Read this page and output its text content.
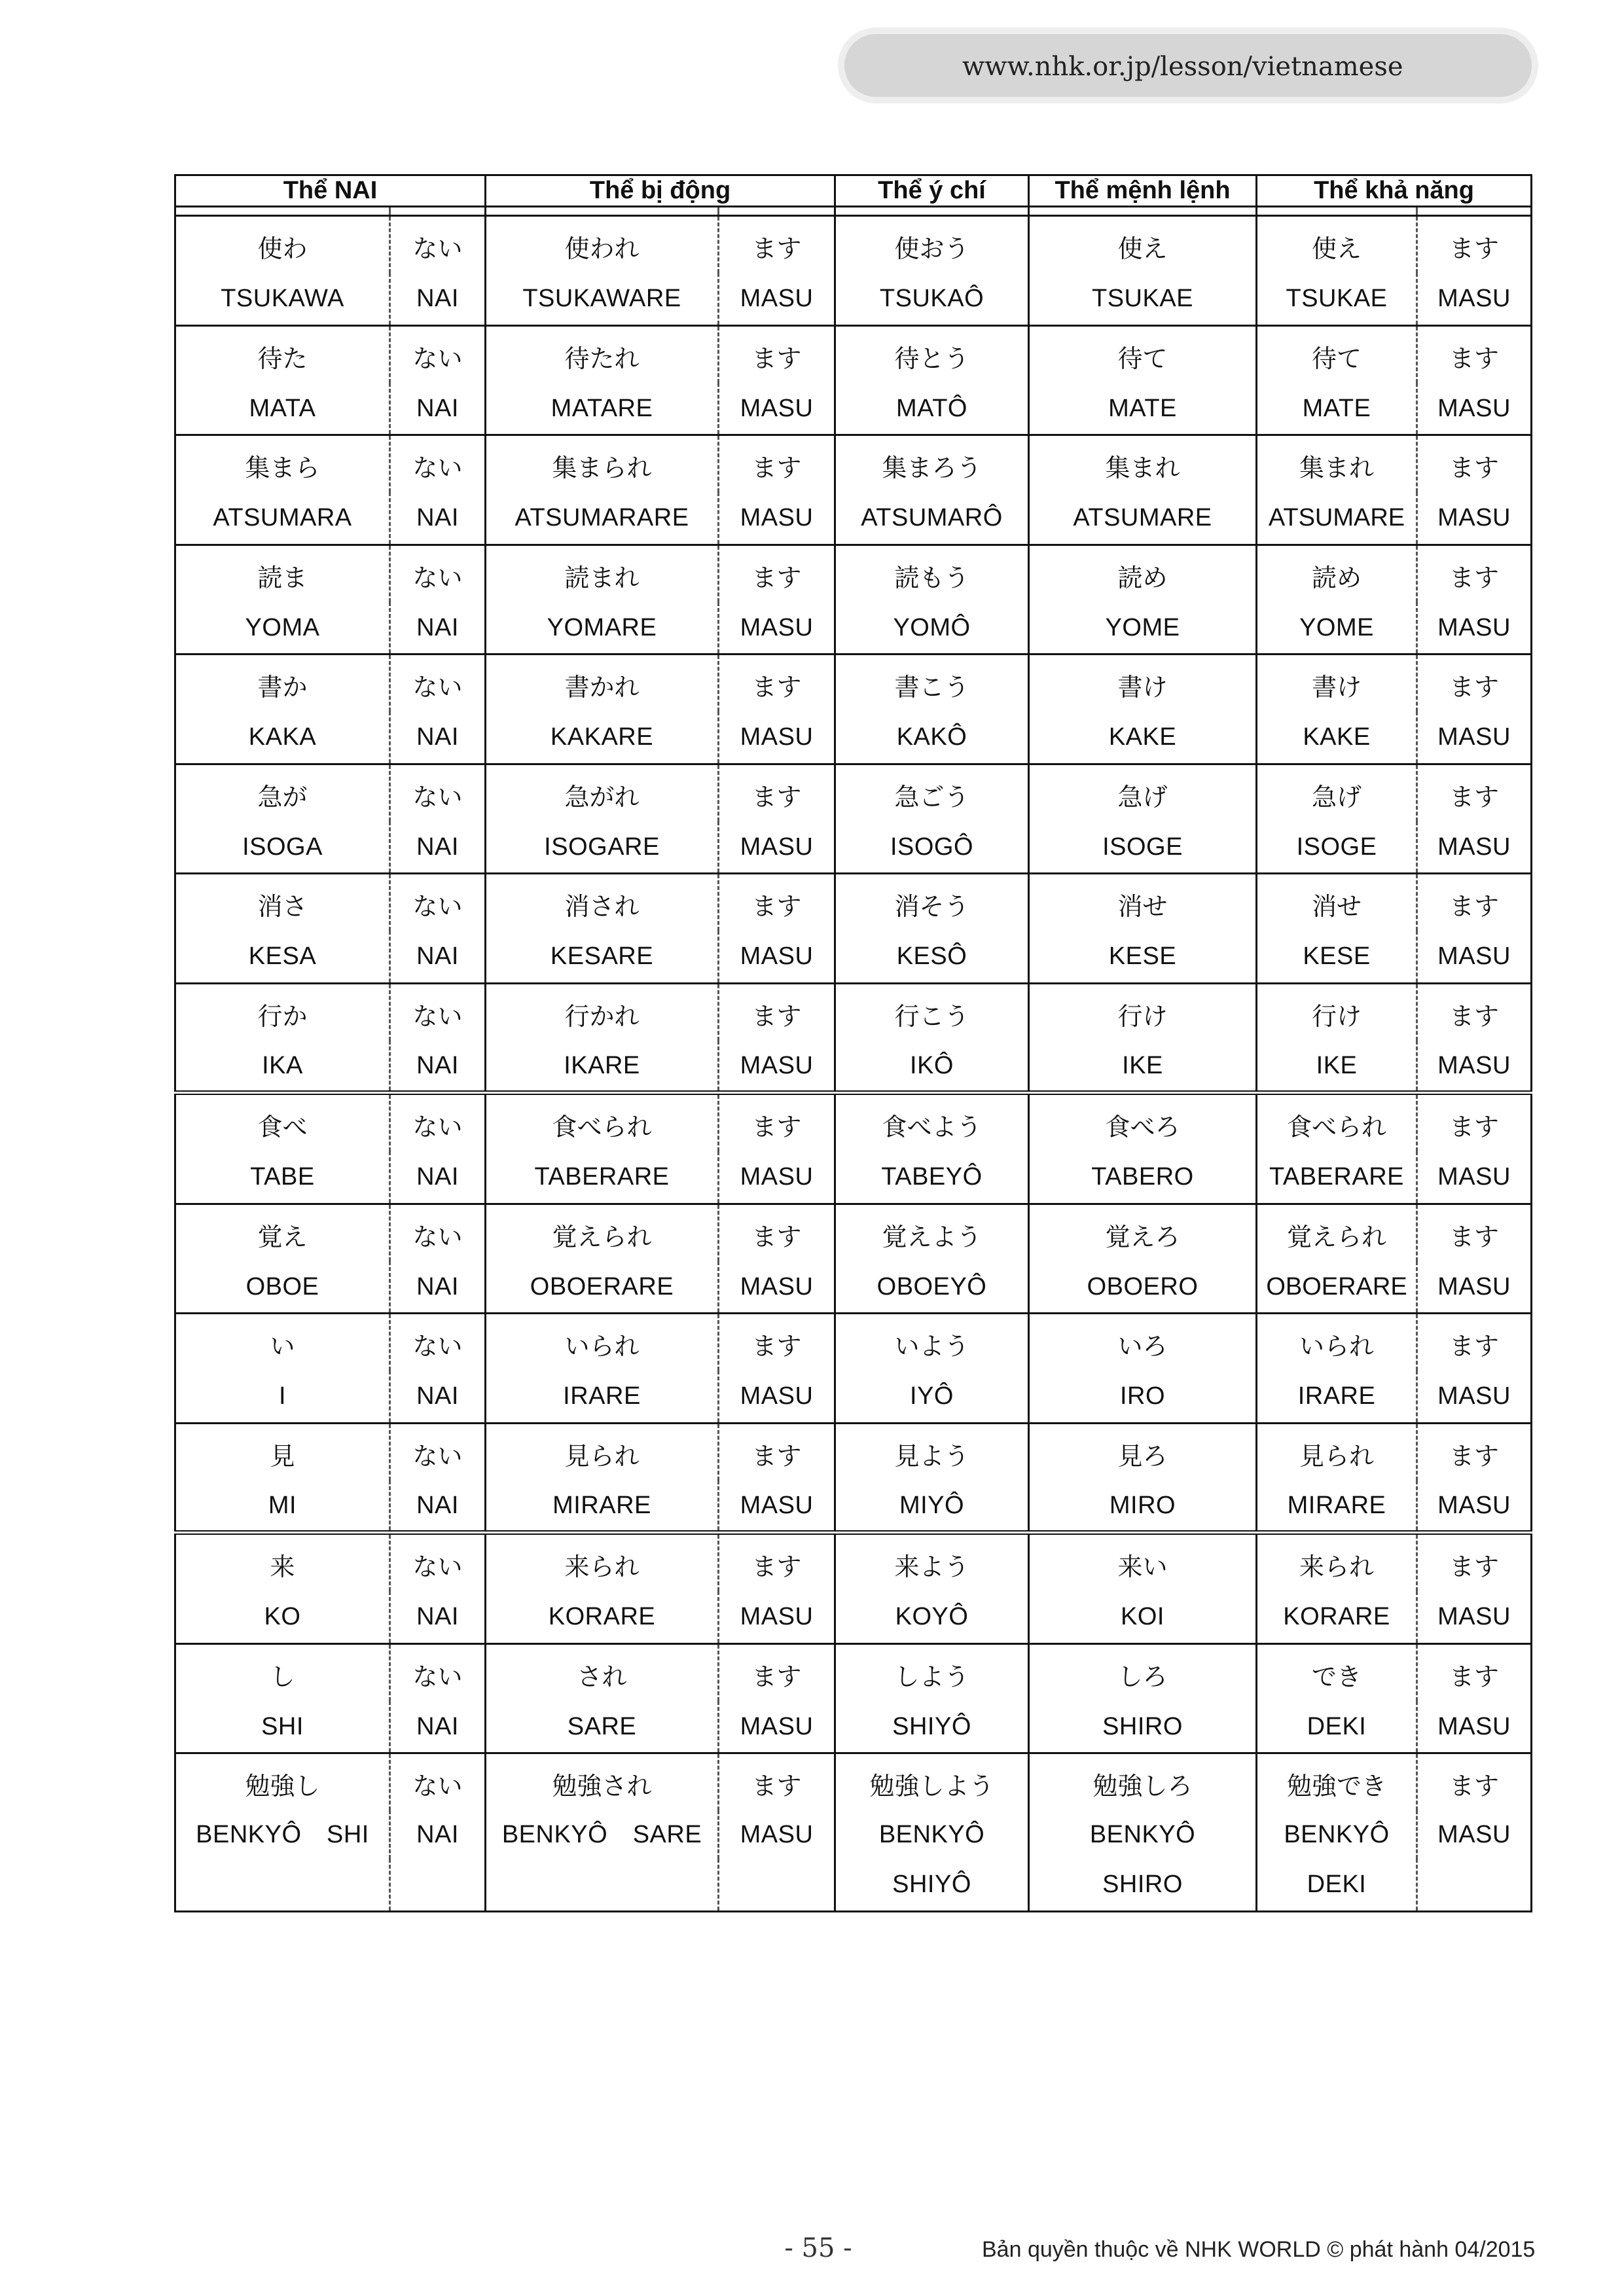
www.nhk.or.jp/lesson/vietnamese
Thể NAI		Thể bị động		Thể ý chí	Thể mệnh lệnh	Thể khả năng	

使わ	ない	使われ	ます	使おう	使え	使え	ます
TSUKAWA	NAI	TSUKAWARE	MASU	TSUKAÔ	TSUKAE	TSUKAE	MASU
待た	ない	待たれ	ます	待とう	待て	待て	ます
MATA	NAI	MATARE	MASU	MATÔ	MATE	MATE	MASU
集まら	ない	集まられ	ます	集まろう	集まれ	集まれ	ます
ATSUMARA	NAI	ATSUMARARE	MASU	ATSUMARÔ	ATSUMARE	ATSUMARE	MASU
読ま	ない	読まれ	ます	読もう	読め	読め	ます
YOMA	NAI	YOMARE	MASU	YOMÔ	YOME	YOME	MASU
書か	ない	書かれ	ます	書こう	書け	書け	ます
KAKA	NAI	KAKARE	MASU	KAKÔ	KAKE	KAKE	MASU
急が	ない	急がれ	ます	急ごう	急げ	急げ	ます
ISOGA	NAI	ISOGARE	MASU	ISOGÔ	ISOGE	ISOGE	MASU
消さ	ない	消され	ます	消そう	消せ	消せ	ます
KESA	NAI	KESARE	MASU	KESÔ	KESE	KESE	MASU
行か	ない	行かれ	ます	行こう	行け	行け	ます
IKA	NAI	IKARE	MASU	IKÔ	IKE	IKE	MASU
食べ	ない	食べられ	ます	食べよう	食べろ	食べられ	ます
TABE	NAI	TABERARE	MASU	TABEYÔ	TABERO	TABERARE	MASU
覚え	ない	覚えられ	ます	覚えよう	覚えろ	覚えられ	ます
OBOE	NAI	OBOERARE	MASU	OBOEYÔ	OBOERO	OBOERARE	MASU
い	ない	いられ	ます	いよう	いろ	いられ	ます
I	NAI	IRARE	MASU	IYÔ	IRO	IRARE	MASU
見	ない	見られ	ます	見よう	見ろ	見られ	ます
MI	NAI	MIRARE	MASU	MIYÔ	MIRO	MIRARE	MASU
来	ない	来られ	ます	来よう	来い	来られ	ます
KO	NAI	KORARE	MASU	KOYÔ	KOI	KORARE	MASU
し	ない	され	ます	しよう	しろ	でき	ます
SHI	NAI	SARE	MASU	SHIYÔ	SHIRO	DEKI	MASU
勉強し	ない	勉強され	ます	勉強しよう	勉強しろ	勉強でき	ます
BENKYÔ　SHI	NAI	BENKYÔ　SARE	MASU	BENKYÔ	BENKYÔ	BENKYÔ	MASU
				SHIYÔ	SHIRO	DEKI	
- 55 -	Bản quyền thuộc về NHK WORLD © phát hành 04/2015
